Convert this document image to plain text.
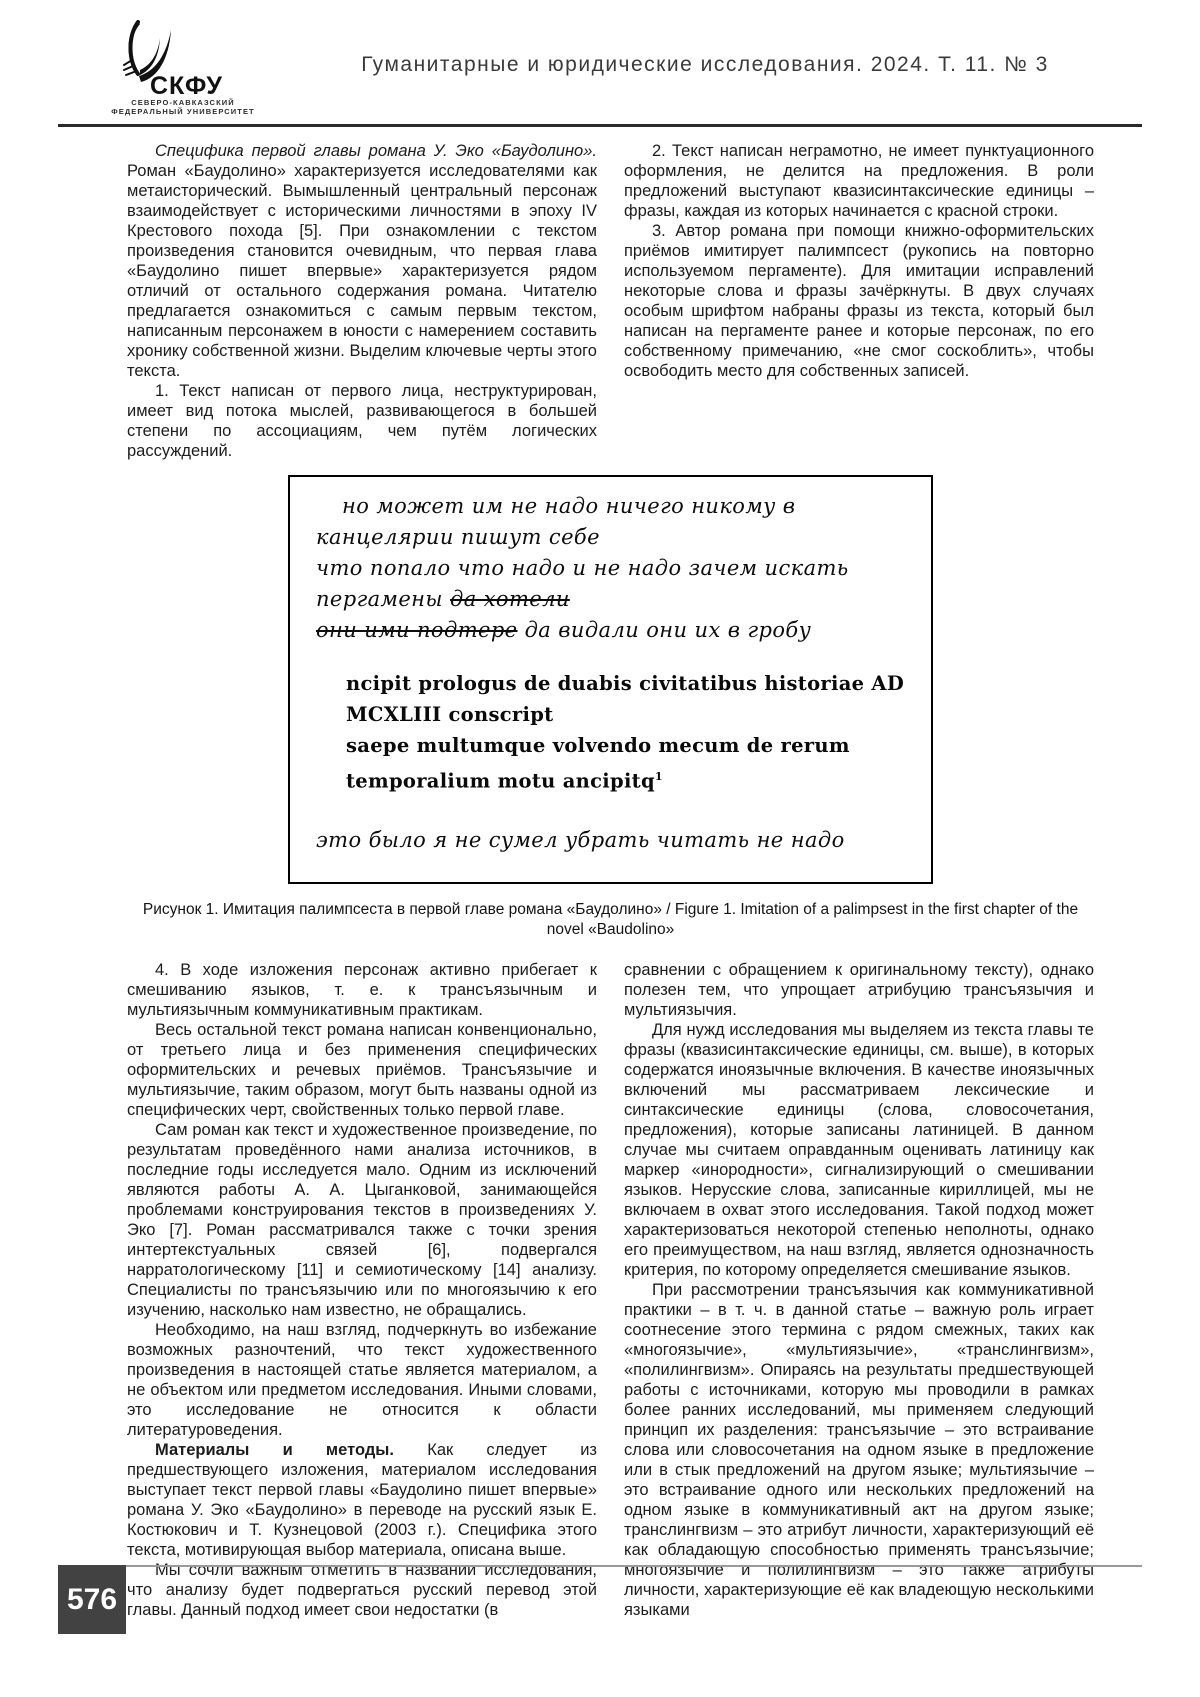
СКФУ
СЕВЕРО-КАВКАЗСКИЙ
ФЕДЕРАЛЬНЫЙ УНИВЕРСИТЕТ
Гуманитарные и юридические исследования. 2024. Т. 11. № 3

Специфика первой главы романа У. Эко «Баудолино». Роман «Баудолино» характеризуется исследователями как метаисторический. Вымышленный центральный персонаж взаимодействует с историческими личностями в эпоху IV Крестового похода [5]. При ознакомлении с текстом произведения становится очевидным, что первая глава «Баудолино пишет впервые» характеризуется рядом отличий от остального содержания романа. Читателю предлагается ознакомиться с самым первым текстом, написанным персонажем в юности с намерением составить хронику собственной жизни. Выделим ключевые черты этого текста.

1. Текст написан от первого лица, неструктурирован, имеет вид потока мыслей, развивающегося в большей степени по ассоциациям, чем путём логических рассуждений.

2. Текст написан неграмотно, не имеет пунктуационного оформления, не делится на предложения. В роли предложений выступают квазисинтаксические единицы – фразы, каждая из которых начинается с красной строки.

3. Автор романа при помощи книжно-оформительских приёмов имитирует палимпсест (рукопись на повторно используемом пергаменте). Для имитации исправлений некоторые слова и фразы зачёркнуты. В двух случаях особым шрифтом набраны фразы из текста, который был написан на пергаменте ранее и которые персонаж, по его собственному примечанию, «не смог соскоблить», чтобы освободить место для собственных записей.

но может им не надо ничего никому в канцелярии пишут себе
что попало что надо и не надо зачем искать пергамены да хотели
они ими подтере да видали они их в гробу
ncipit prologus de duabis civitatibus historiae AD MCXLIII conscript
saepe multumque volvendo mecum de rerum temporalium motu ancipitq$^1$
это было я не сумел убрать читать не надо
Рисунок 1. Имитация палимпсеста в первой главе романа «Баудолино» / Figure 1. Imitation of a palimpsest in the first chapter of the novel «Baudolino»

4. В ходе изложения персонаж активно прибегает к смешиванию языков, т. е. к трансъязычным и мультиязычным коммуникативным практикам.

Весь остальной текст романа написан конвенционально, от третьего лица и без применения специфических оформительских и речевых приёмов. Трансъязычие и мультиязычие, таким образом, могут быть названы одной из специфических черт, свойственных только первой главе.

Сам роман как текст и художественное произведение, по результатам проведённого нами анализа источников, в последние годы исследуется мало. Одним из исключений являются работы А. А. Цыганковой, занимающейся проблемами конструирования текстов в произведениях У. Эко [7]. Роман рассматривался также с точки зрения интертекстуальных связей [6], подвергался нарратологическому [11] и семиотическому [14] анализу. Специалисты по трансъязычию или по многоязычию к его изучению, насколько нам известно, не обращались.

Необходимо, на наш взгляд, подчеркнуть во избежание возможных разночтений, что текст художественного произведения в настоящей статье является материалом, а не объектом или предметом исследования. Иными словами, это исследование не относится к области литературоведения.

Материалы и методы. Как следует из предшествующего изложения, материалом исследования выступает текст первой главы «Баудолино пишет впервые» романа У. Эко «Баудолино» в переводе на русский язык Е. Костюкович и Т. Кузнецовой (2003 г.). Специфика этого текста, мотивирующая выбор материала, описана выше.

Мы сочли важным отметить в названии исследования, что анализу будет подвергаться русский перевод этой главы. Данный подход имеет свои недостатки (в

сравнении с обращением к оригинальному тексту), однако полезен тем, что упрощает атрибуцию трансъязычия и мультиязычия.

Для нужд исследования мы выделяем из текста главы те фразы (квазисинтаксические единицы, см. выше), в которых содержатся иноязычные включения. В качестве иноязычных включений мы рассматриваем лексические и синтаксические единицы (слова, словосочетания, предложения), которые записаны латиницей. В данном случае мы считаем оправданным оценивать латиницу как маркер «инородности», сигнализирующий о смешивании языков. Нерусские слова, записанные кириллицей, мы не включаем в охват этого исследования. Такой подход может характеризоваться некоторой степенью неполноты, однако его преимуществом, на наш взгляд, является однозначность критерия, по которому определяется смешивание языков.

При рассмотрении трансъязычия как коммуникативной практики – в т. ч. в данной статье – важную роль играет соотнесение этого термина с рядом смежных, таких как «многоязычие», «мультиязычие», «транслингвизм», «полилингвизм». Опираясь на результаты предшествующей работы с источниками, которую мы проводили в рамках более ранних исследований, мы применяем следующий принцип их разделения: трансъязычие – это встраивание слова или словосочетания на одном языке в предложение или в стык предложений на другом языке; мультиязычие – это встраивание одного или нескольких предложений на одном языке в коммуникативный акт на другом языке; транслингвизм – это атрибут личности, характеризующий её как обладающую способностью применять трансъязычие; многоязычие и полилингвизм – это также атрибуты личности, характеризующие её как владеющую несколькими языками

576
